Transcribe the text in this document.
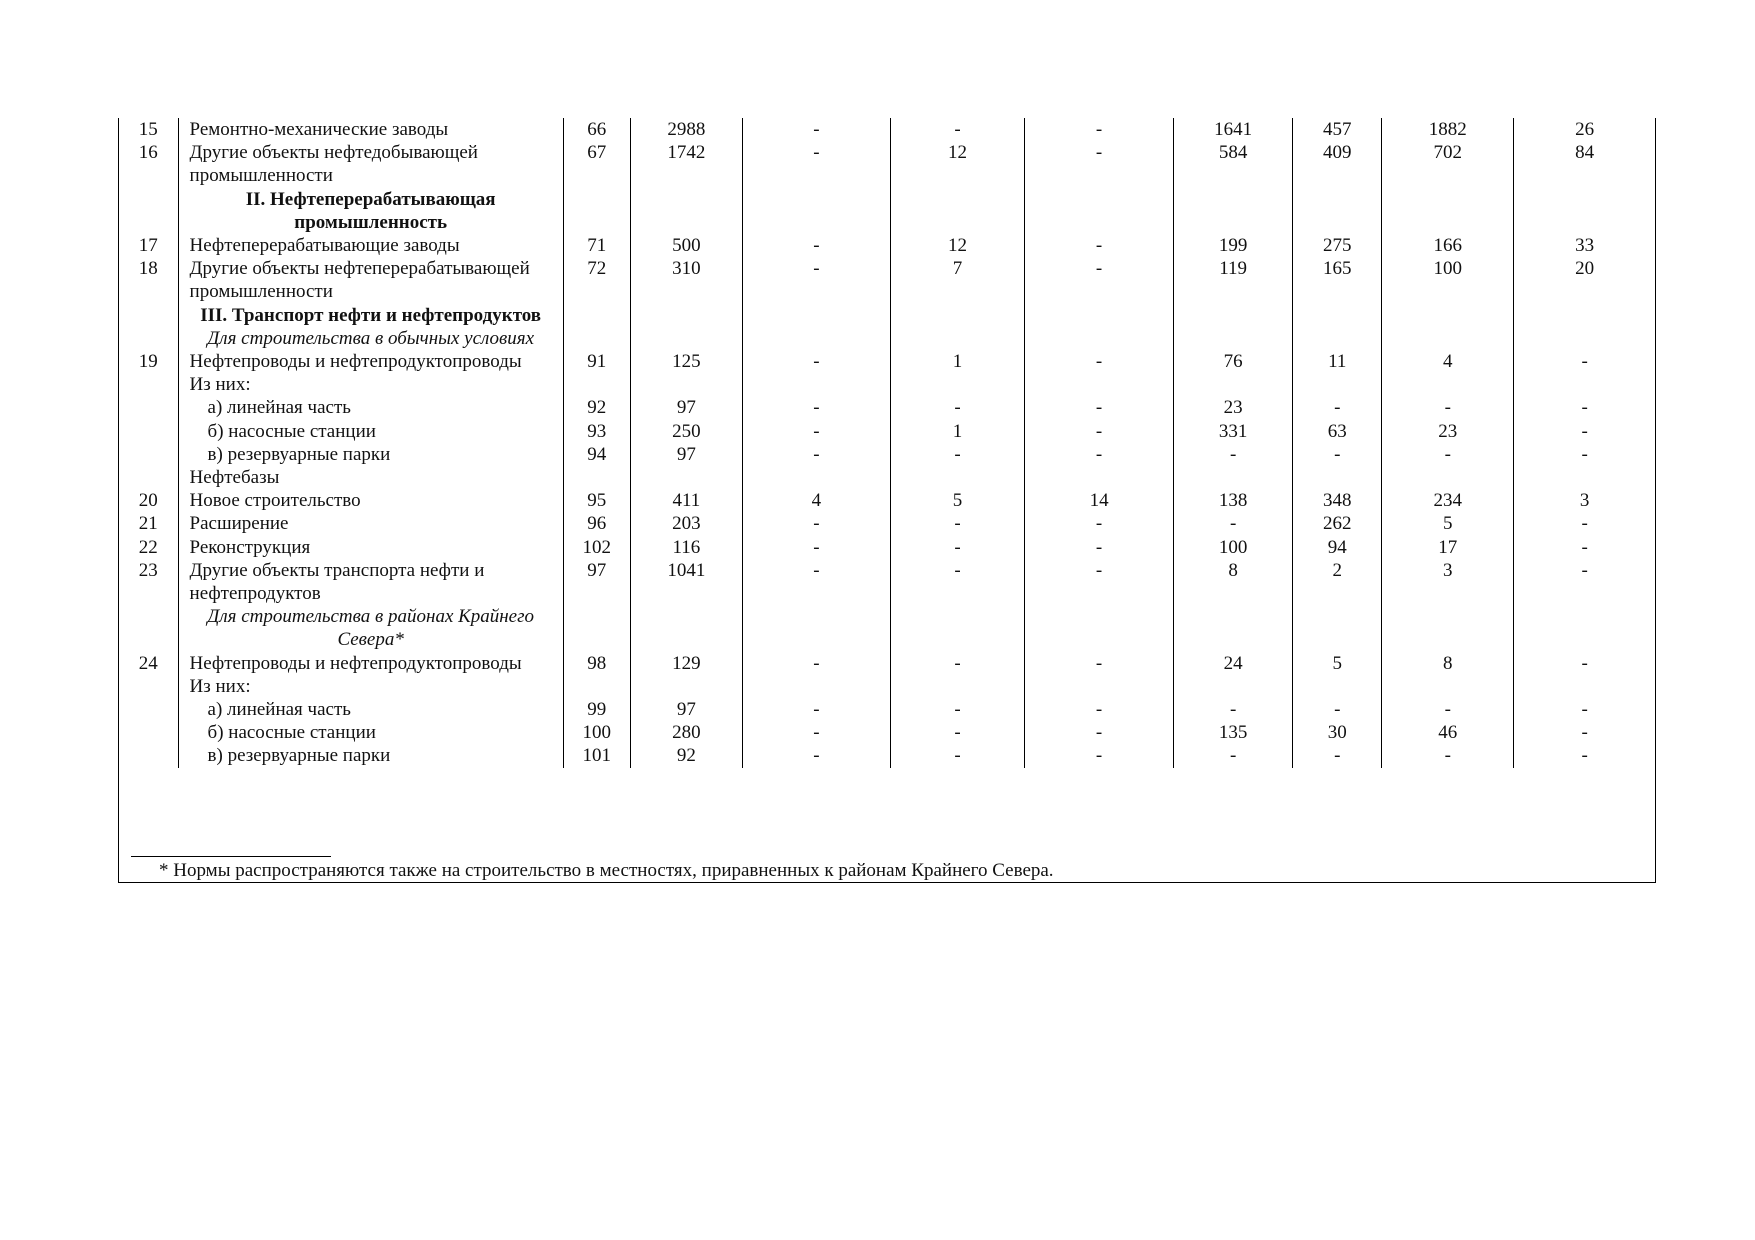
15	Ремонтно-механические заводы	66	2988	-	-	-	1641	457	1882	26
16	Другие объекты нефтедобывающей промышленности	67	1742	-	12	-	584	409	702	84
	II. Нефтеперерабатывающая промышленность									
17	Нефтеперерабатывающие заводы	71	500	-	12	-	199	275	166	33
18	Другие объекты нефтеперерабатывающей промышленности	72	310	-	7	-	119	165	100	20
	III. Транспорт нефти и нефтепродуктов									
	Для строительства в обычных условиях									
19	Нефтепроводы и нефтепродуктопроводы	91	125	-	1	-	76	11	4	-
	Из них:									
	а) линейная часть	92	97	-	-	-	23	-	-	-
	б) насосные станции	93	250	-	1	-	331	63	23	-
	в) резервуарные парки	94	97	-	-	-	-	-	-	-
	Нефтебазы									
20	Новое строительство	95	411	4	5	14	138	348	234	3
21	Расширение	96	203	-	-	-	-	262	5	-
22	Реконструкция	102	116	-	-	-	100	94	17	-
23	Другие объекты транспорта нефти и нефтепродуктов	97	1041	-	-	-	8	2	3	-
	Для строительства в районах Крайнего Севера*									
24	Нефтепроводы и нефтепродуктопроводы	98	129	-	-	-	24	5	8	-
	Из них:									
	а) линейная часть	99	97	-	-	-	-	-	-	-
	б) насосные станции	100	280	-	-	-	135	30	46	-
	в) резервуарные парки	101	92	-	-	-	-	-	-	-
* Нормы распространяются также на строительство в местностях, приравненных к районам Крайнего Севера.
